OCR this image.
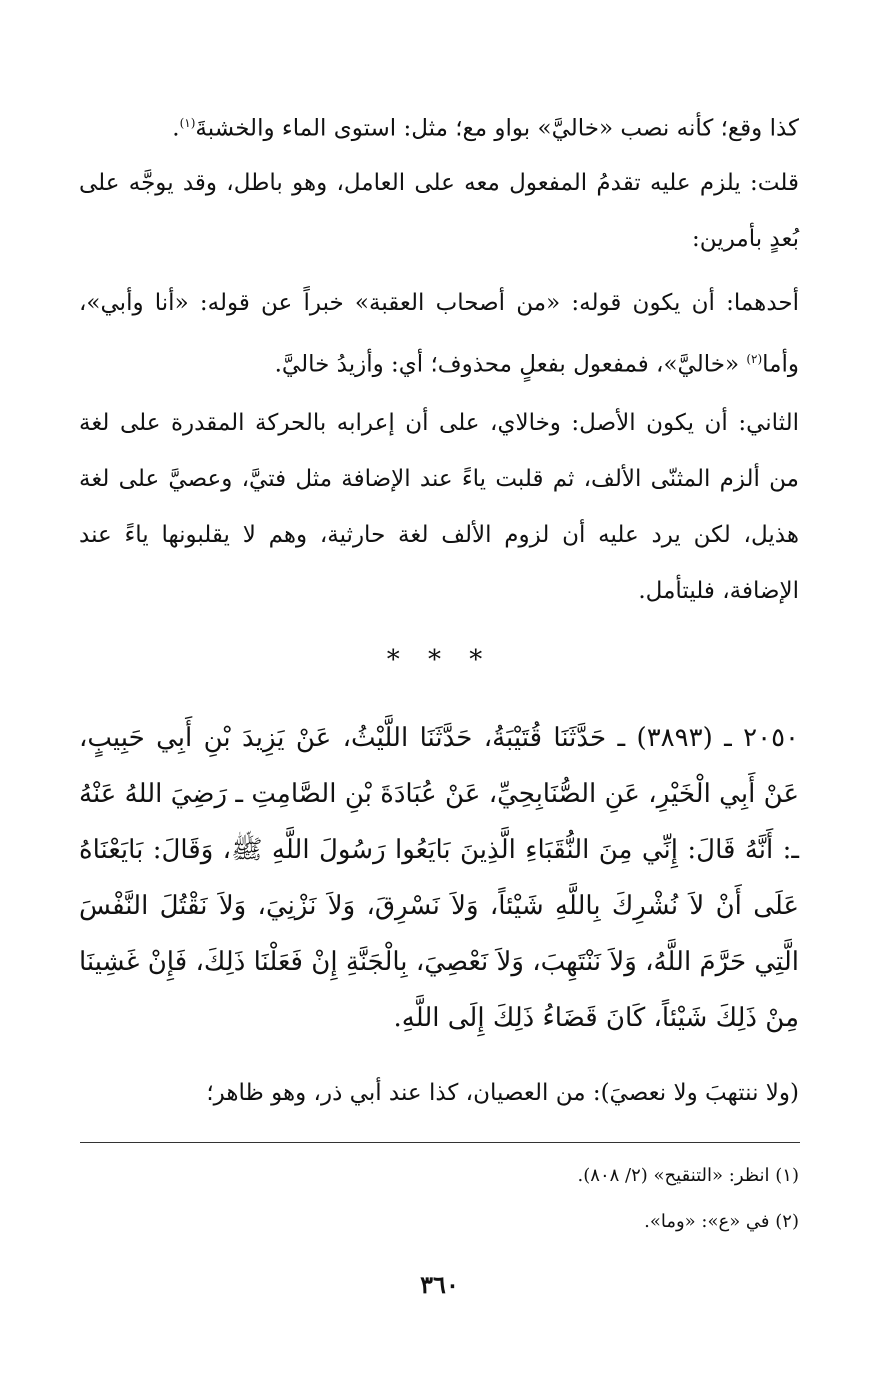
كذا وقع؛ كأنه نصب «خاليَّ» بواو مع؛ مثل: استوى الماء والخشبةَ$^{(١)}$.

قلت: يلزم عليه تقدمُ المفعول معه على العامل، وهو باطل، وقد يوجَّه على بُعدٍ بأمرين:

أحدهما: أن يكون قوله: «من أصحاب العقبة» خبراً عن قوله: «أنا وأبي»، وأما$^{(٢)}$ «خاليَّ»، فمفعول بفعلٍ محذوف؛ أي: وأزيدُ خاليَّ.

الثاني: أن يكون الأصل: وخالاي، على أن إعرابه بالحركة المقدرة على لغة من ألزم المثنّى الألف، ثم قلبت ياءً عند الإضافة مثل فتيَّ، وعصيَّ على لغة هذيل، لكن يرد عليه أن لزوم الألف لغة حارثية، وهم لا يقلبونها ياءً عند الإضافة، فليتأمل.

* * *

٢٠٥٠ ـ (٣٨٩٣) ـ حَدَّثَنَا قُتَيْبَةُ، حَدَّثَنَا اللَّيْثُ، عَنْ يَزِيدَ بْنِ أَبِي حَبِيبٍ، عَنْ أَبِي الْخَيْرِ، عَنِ الصُّنَابِحِيِّ، عَنْ عُبَادَةَ بْنِ الصَّامِتِ ـ رَضِيَ اللهُ عَنْهُ ـ: أَنَّهُ قَالَ: إِنِّي مِنَ النُّقَبَاءِ الَّذِينَ بَايَعُوا رَسُولَ اللَّهِ ﷺ، وَقَالَ: بَايَعْنَاهُ عَلَى أَنْ لاَ نُشْرِكَ بِاللَّهِ شَيْئاً، وَلاَ نَسْرِقَ، وَلاَ نَزْنِيَ، وَلاَ نَقْتُلَ النَّفْسَ الَّتِي حَرَّمَ اللَّهُ، وَلاَ نَنْتَهِبَ، وَلاَ نَعْصِيَ، بِالْجَنَّةِ إِنْ فَعَلْنَا ذَلِكَ، فَإِنْ غَشِينَا مِنْ ذَلِكَ شَيْئاً، كَانَ قَضَاءُ ذَلِكَ إِلَى اللَّهِ.

(ولا ننتهبَ ولا نعصيَ): من العصيان، كذا عند أبي ذر، وهو ظاهر؛

(١) انظر: «التنقيح» (٢/ ٨٠٨).
(٢) في «ع»: «وما».
٣٦٠
